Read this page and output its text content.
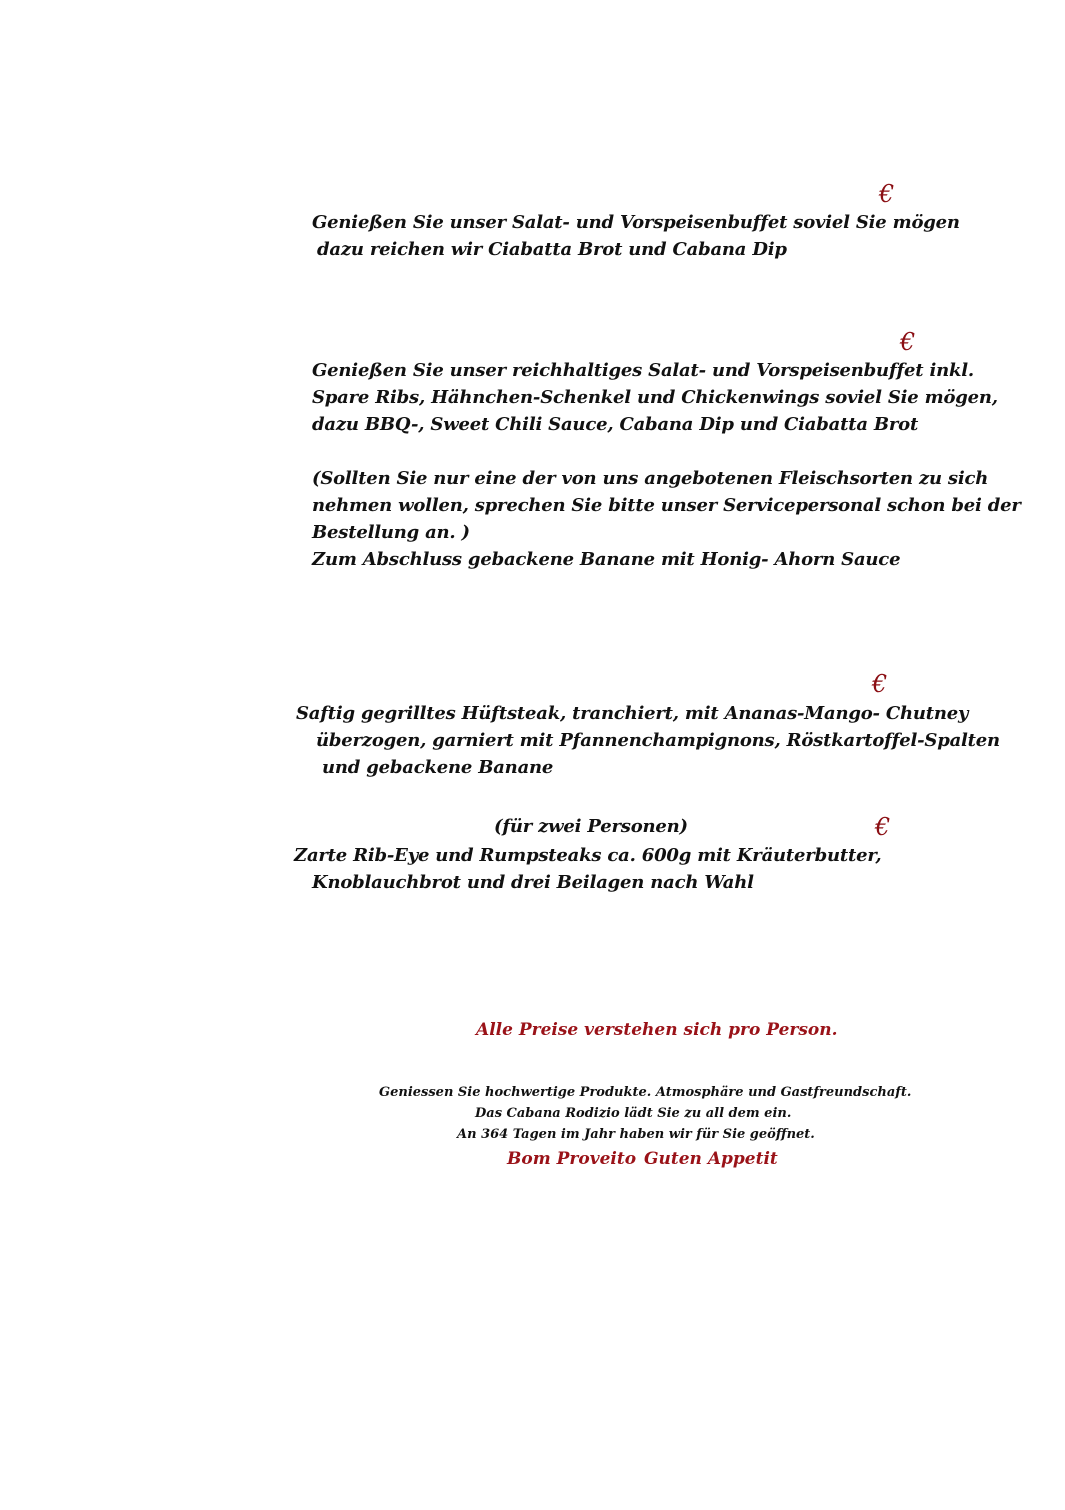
€

Genießen Sie unser Salat- und Vorspeisenbuffet soviel Sie mögen

dazu reichen wir Ciabatta Brot und Cabana Dip

€

Genießen Sie unser reichhaltiges Salat- und Vorspeisenbuffet inkl.

Spare Ribs, Hähnchen-Schenkel und Chickenwings soviel Sie mögen,

dazu BBQ-, Sweet Chili Sauce, Cabana Dip und Ciabatta Brot

(Sollten Sie nur eine der von uns angebotenen Fleischsorten zu sich

nehmen wollen, sprechen Sie bitte unser Servicepersonal schon bei der

Bestellung an. )

Zum Abschluss gebackene Banane mit Honig- Ahorn Sauce

€

Saftig gegrilltes Hüftsteak, tranchiert, mit Ananas-Mango- Chutney

überzogen, garniert mit Pfannenchampignons, Röstkartoffel-Spalten

und gebackene Banane

(für zwei Personen)	€

Zarte Rib-Eye und Rumpsteaks ca. 600g mit Kräuterbutter,

Knoblauchbrot und drei Beilagen nach Wahl

Alle Preise verstehen sich pro Person.

Geniessen Sie hochwertige Produkte. Atmosphäre und Gastfreundschaft.

Das Cabana Rodizio lädt Sie zu all dem ein.

An 364 Tagen im Jahr haben wir für Sie geöffnet.

Bom Proveito Guten Appetit
